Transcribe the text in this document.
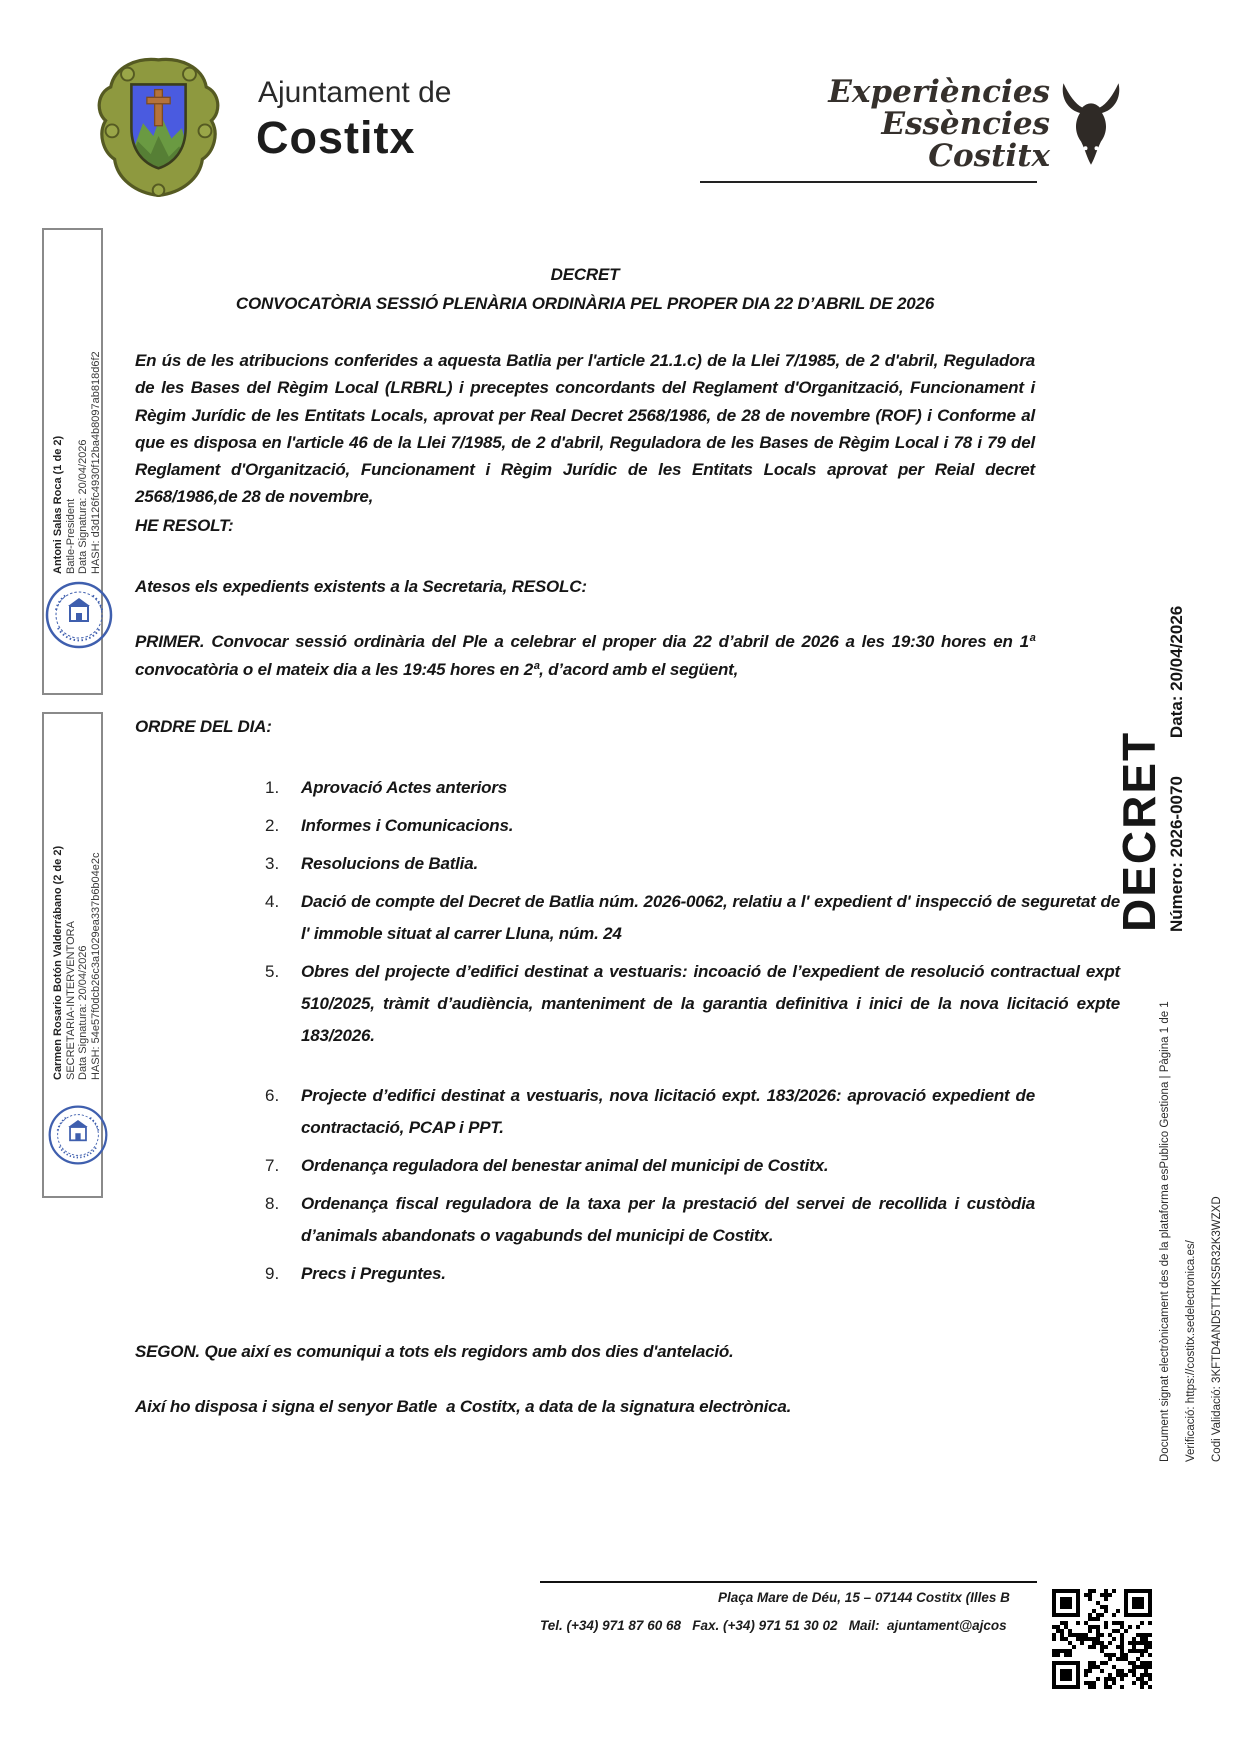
Ajuntament de
Costitx
Experiències
Essències
Costitx
Antoni Salas Roca (1 de 2) Batle-President Data Signatura: 20/04/2026 HASH: d3d126fc4930f12ba4b8097ab818d6f2
Carmen Rosario Botón Valderrábano (2 de 2) SECRETARIA-INTERVENTORA Data Signatura: 20/04/2026 HASH: 54e57f0dcb26c3a1029ea337b6b04e2c
DECRET Número: 2026-0070Data: 20/04/2026
Document signat electrònicament des de la plataforma esPublico Gestiona | Pàgina 1 de 1	Verificació: https://costitx.sedelectronica.es/	Codi Validació: 3KFTD4AND5TTHKS5R32K3WZXD
DECRET
CONVOCATÒRIA SESSIÓ PLENÀRIA ORDINÀRIA PEL PROPER DIA 22 D’ABRIL DE 2026
En ús de les atribucions conferides a aquesta Batlia per l'article 21.1.c) de la Llei 7/1985, de 2 d'abril, Reguladora de les Bases del Règim Local (LRBRL) i preceptes concordants del Reglament d'Organització, Funcionament i Règim Jurídic de les Entitats Locals, aprovat per Real Decret 2568/1986, de 28 de novembre (ROF) i Conforme al que es disposa en l'article 46 de la Llei 7/1985, de 2 d'abril, Reguladora de les Bases de Règim Local i 78 i 79 del Reglament d'Organització, Funcionament i Règim Jurídic de les Entitats Locals aprovat per Reial decret 2568/1986,de 28 de novembre,
HE RESOLT:
Atesos els expedients existents a la Secretaria, RESOLC:
PRIMER. Convocar sessió ordinària del Ple a celebrar el proper dia 22 d’abril de 2026 a les 19:30 hores en 1ª convocatòria o el mateix dia a les 19:45 hores en 2ª, d’acord amb el següent,
ORDRE DEL DIA:
1.	Aprovació Actes anteriors
2.	Informes i Comunicacions.
3.	Resolucions de Batlia.
4.	Dació de compte del Decret de Batlia núm. 2026-0062, relatiu a l' expedient d' inspecció de seguretat de l' immoble situat al carrer Lluna, núm. 24
5.	Obres del projecte d’edifici destinat a vestuaris: incoació de l’expedient de resolució contractual expt 510/2025, tràmit d’audiència, manteniment de la garantia definitiva i inici de la nova licitació expte 183/2026.
6.	Projecte d’edifici destinat a vestuaris, nova licitació expt. 183/2026: aprovació expedient de contractació, PCAP i PPT.
7.	Ordenança reguladora del benestar animal del municipi de Costitx.
8.	Ordenança fiscal reguladora de la taxa per la prestació del servei de recollida i custòdia d’animals abandonats o vagabunds del municipi de Costitx.
9.	Precs i Preguntes.
SEGON. Que així es comuniqui a tots els regidors amb dos dies d'antelació.
Així ho disposa i signa el senyor Batle  a Costitx, a data de la signatura electrònica.
Plaça Mare de Déu, 15 – 07144 Costitx (Illes B
Tel. (+34) 971 87 60 68   Fax. (+34) 971 51 30 02   Mail:  ajuntament@ajcos
